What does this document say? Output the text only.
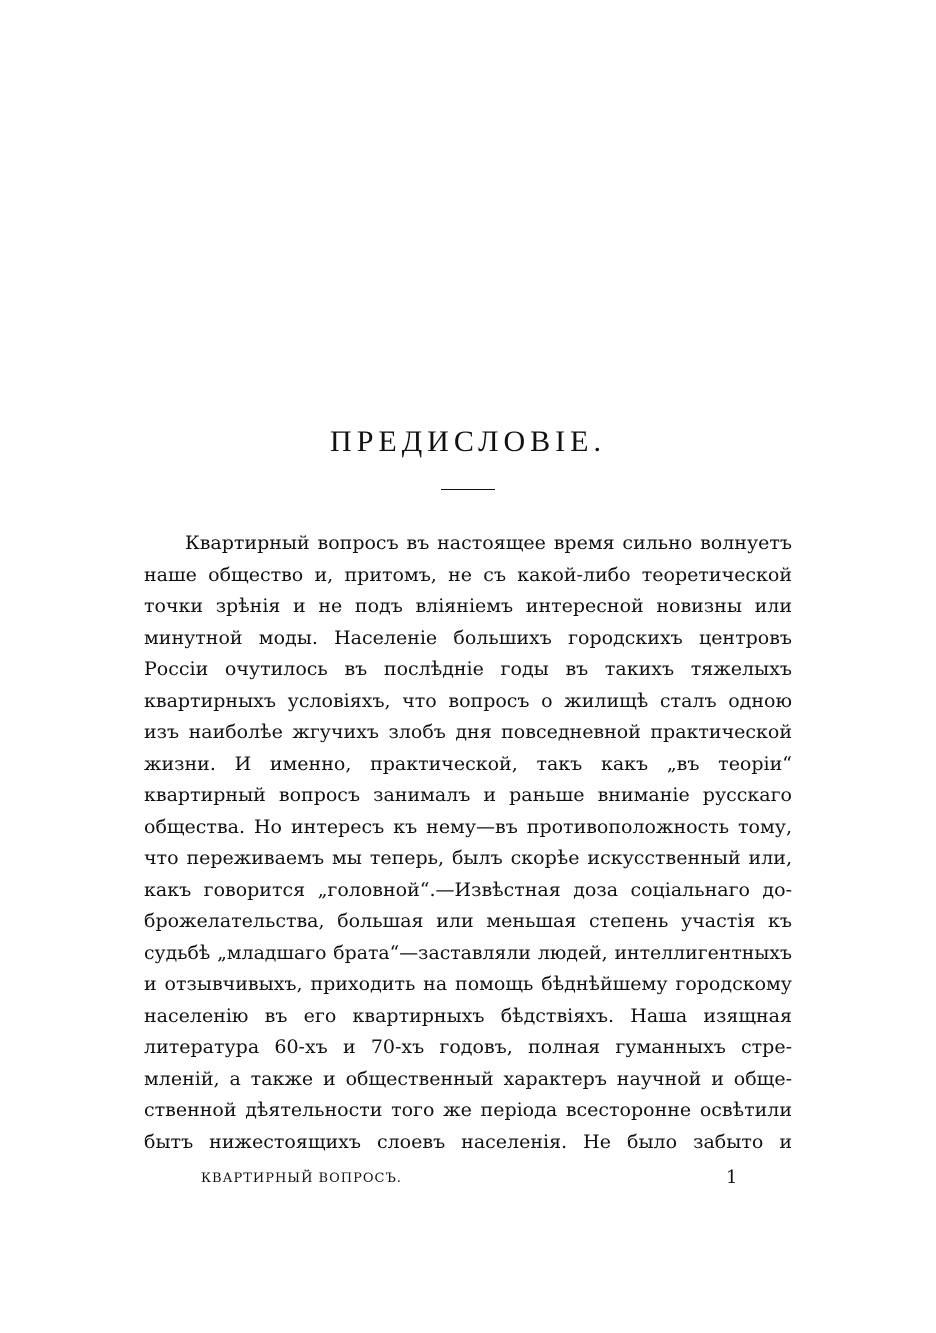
ПРЕДИСЛОВIЕ.
Квартирный вопросъ въ настоящее время сильно волнуетъ
наше общество и, притомъ, не съ какой-либо теоретической
точки зрѣнія и не подъ вліяніемъ интересной новизны или
минутной моды. Населеніе большихъ городскихъ центровъ
Россіи очутилось въ послѣдніе годы въ такихъ тяжелыхъ
квартирныхъ условіяхъ, что вопросъ о жилищѣ сталъ одною
изъ наиболѣе жгучихъ злобъ дня повседневной практической
жизни. И именно, практической, такъ какъ „въ теоріи“
квартирный вопросъ занималъ и раньше вниманіе русскаго
общества. Но интересъ къ нему—въ противоположность тому,
что переживаемъ мы теперь, былъ скорѣе искусственный или,
какъ говорится „головной“.—Извѣстная доза соціальнаго до-
брожелательства, большая или меньшая степень участія къ
судьбѣ „младшаго брата“—заставляли людей, интеллигентныхъ
и отзывчивыхъ, приходить на помощь бѣднѣйшему городскому
населенію въ его квартирныхъ бѣдствіяхъ. Наша изящная
литература 60-хъ и 70-хъ годовъ, полная гуманныхъ стре-
мленій, а также и общественный характеръ научной и обще-
ственной дѣятельности того же періода всесторонне освѣтили
бытъ нижестоящихъ слоевъ населенія. Не было забыто и
КВАРТИРНЫЙ ВОПРОСЪ.	1
